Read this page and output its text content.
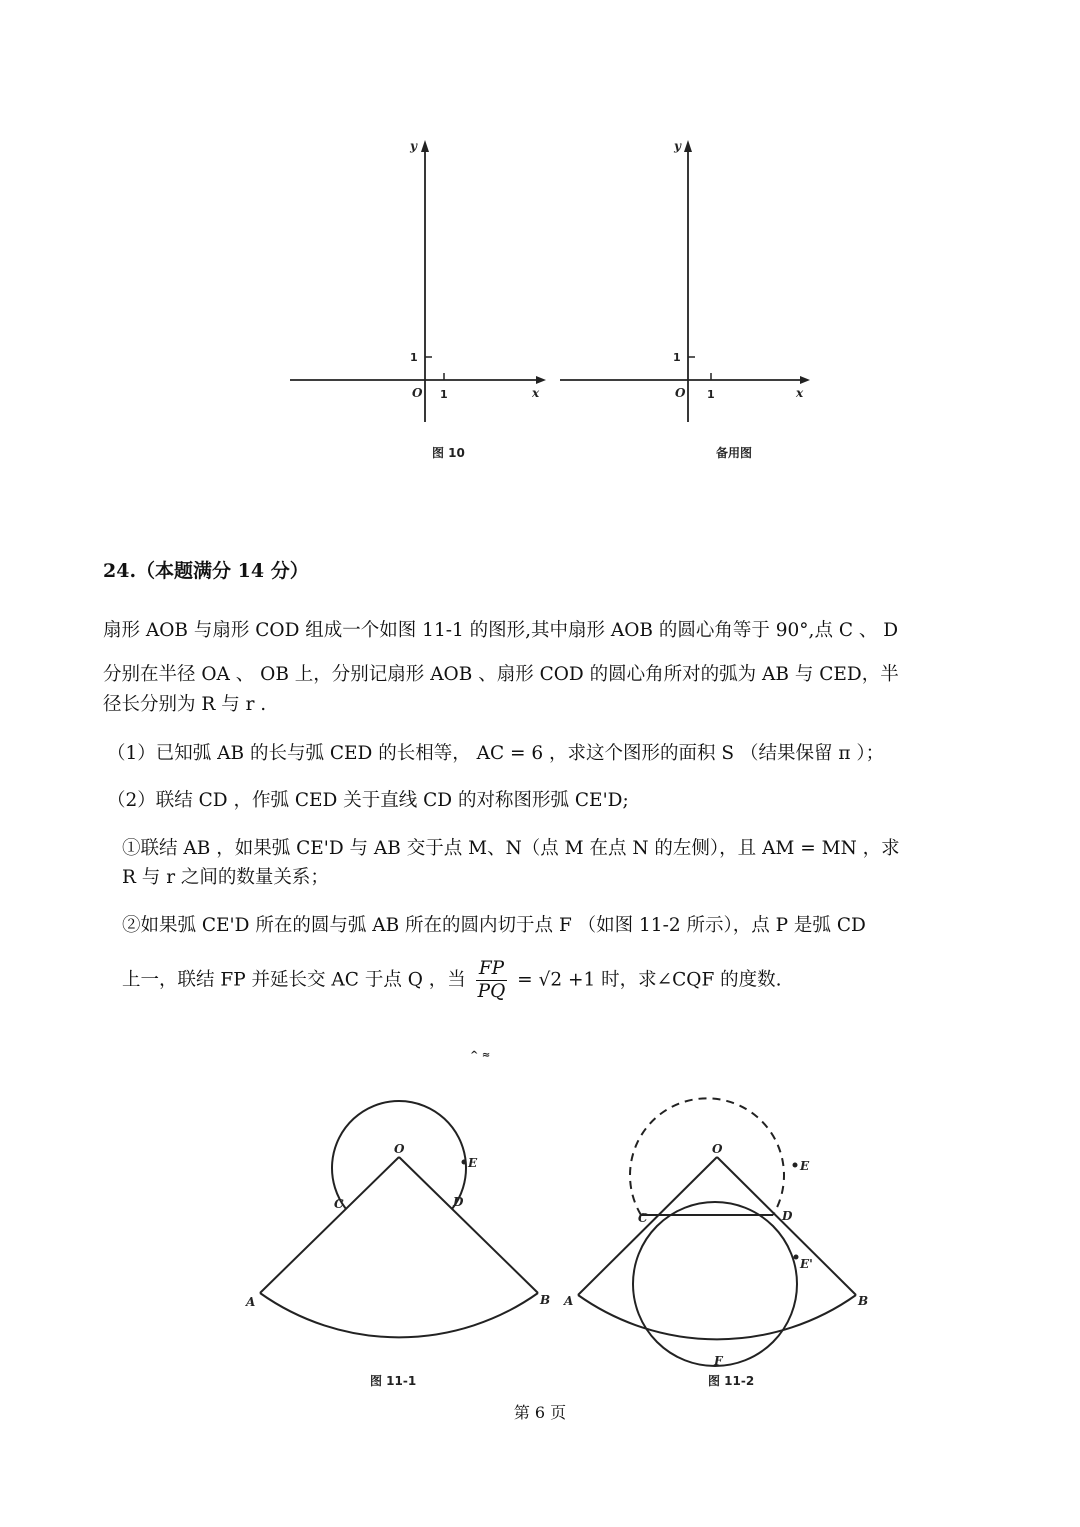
y
x
O 1
1
图 10
y
x
O 1
1
备用图
24.（本题满分 14 分）
扇形 AOB 与扇形 COD 组成一个如图 11-1 的图形,其中扇形 AOB 的圆心角等于 90°,点 C 、 D
分别在半径 OA 、 OB 上，分别记扇形 AOB 、扇形 COD 的圆心角所对的弧为 AB 与 CED，半
径长分别为 R 与 r .
（1）已知弧 AB 的长与弧 CED 的长相等， AC = 6 ，求这个图形的面积 S （结果保留 π ）；
（2）联结 CD ，作弧 CED 关于直线 CD 的对称图形弧 CE'D;
①联结 AB ，如果弧 CE'D 与 AB 交于点 M、N（点 M 在点 N 的左侧），且 AM = MN ，求
R 与 r 之间的数量关系；
②如果弧 CE'D 所在的圆与弧 AB 所在的圆内切于点 F （如图 11-2 所示），点 P 是弧 CD
上一，联结 FP 并延长交 AC 于点 Q ，当 $\frac{FP}{PQ} = √2 +1$ 时，求∠CQF 的度数.
^ ≈
O
E
C	D
A	B
图 11-1
O
E
C	D
E'
A	B
F
图 11-2
第 6 页
